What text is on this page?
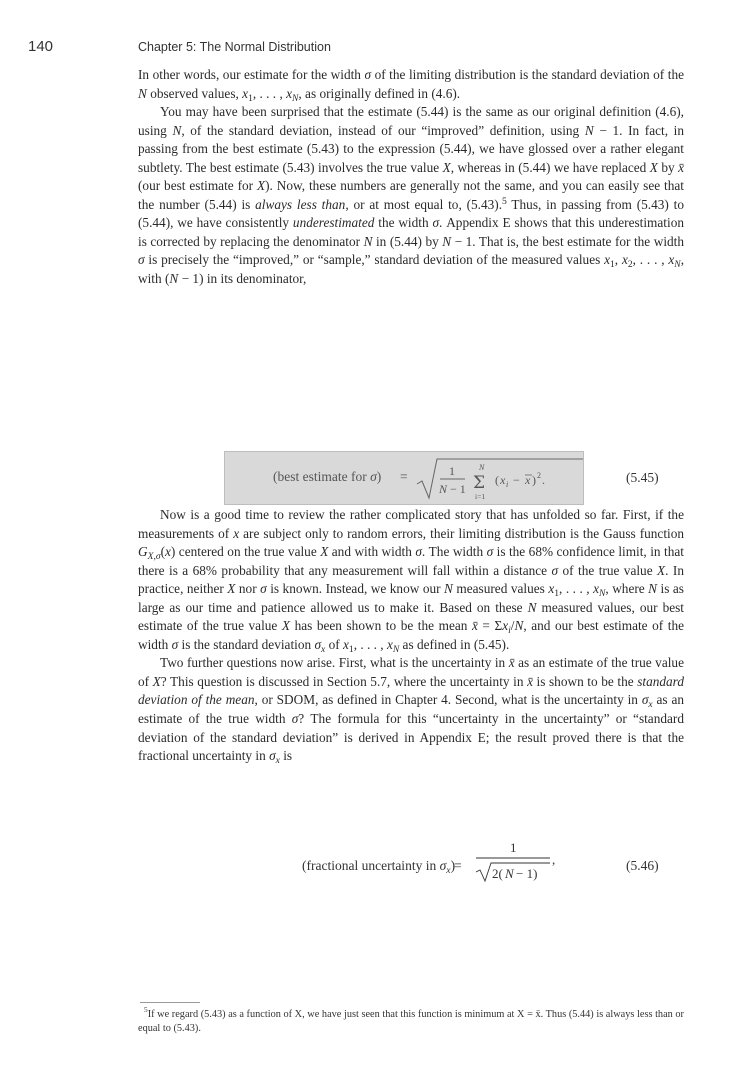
140	Chapter 5: The Normal Distribution

In other words, our estimate for the width σ of the limiting distribution is the standard deviation of the N observed values, $x_1$, . . . , $x_N$, as originally defined in (4.6).

You may have been surprised that the estimate (5.44) is the same as our original definition (4.6), using N, of the standard deviation, instead of our “improved” definition, using N − 1. In fact, in passing from the best estimate (5.43) to the expression (5.44), we have glossed over a rather elegant subtlety. The best estimate (5.43) involves the true value X, whereas in (5.44) we have replaced X by x̄ (our best estimate for X). Now, these numbers are generally not the same, and you can easily see that the number (5.44) is always less than, or at most equal to, (5.43).$^5$ Thus, in passing from (5.43) to (5.44), we have consistently underestimated the width σ. Appendix E shows that this underestimation is corrected by replacing the denominator N in (5.44) by N − 1. That is, the best estimate for the width σ is precisely the “improved,” or “sample,” standard deviation of the measured values $x_1$, $x_2$, . . . , $x_N$, with (N − 1) in its denominator,

(best estimate for σ) =	1
N − 1
N
Σ
i=1
( x i − x ) 2 .	(5.45)

Now is a good time to review the rather complicated story that has unfolded so far. First, if the measurements of x are subject only to random errors, their limiting distribution is the Gauss function $G_{X,\sigma}(x)$ centered on the true value X and with width σ. The width σ is the 68% confidence limit, in that there is a 68% probability that any measurement will fall within a distance σ of the true value X. In practice, neither X nor σ is known. Instead, we know our N measured values $x_1$, . . . , $x_N$, where N is as large as our time and patience allowed us to make it. Based on these N measured values, our best estimate of the true value X has been shown to be the mean x̄ = $\Sigma x_i/N$, and our best estimate of the width σ is the standard deviation $\sigma_x$ of $x_1$, . . . , $x_N$ as defined in (5.45).

Two further questions now arise. First, what is the uncertainty in x̄ as an estimate of the true value of X? This question is discussed in Section 5.7, where the uncertainty in x̄ is shown to be the standard deviation of the mean, or SDOM, as defined in Chapter 4. Second, what is the uncertainty in $\sigma_x$ as an estimate of the true width σ? The formula for this “uncertainty in the uncertainty” or “standard deviation of the standard deviation” is derived in Appendix E; the result proved there is that the fractional uncertainty in $\sigma_x$ is

(fractional uncertainty in $\sigma_x$)
=
1
2( N − 1)
,	(5.46)

$^5$If we regard (5.43) as a function of X, we have just seen that this function is minimum at X = x̄. Thus (5.44) is always less than or equal to (5.43).
